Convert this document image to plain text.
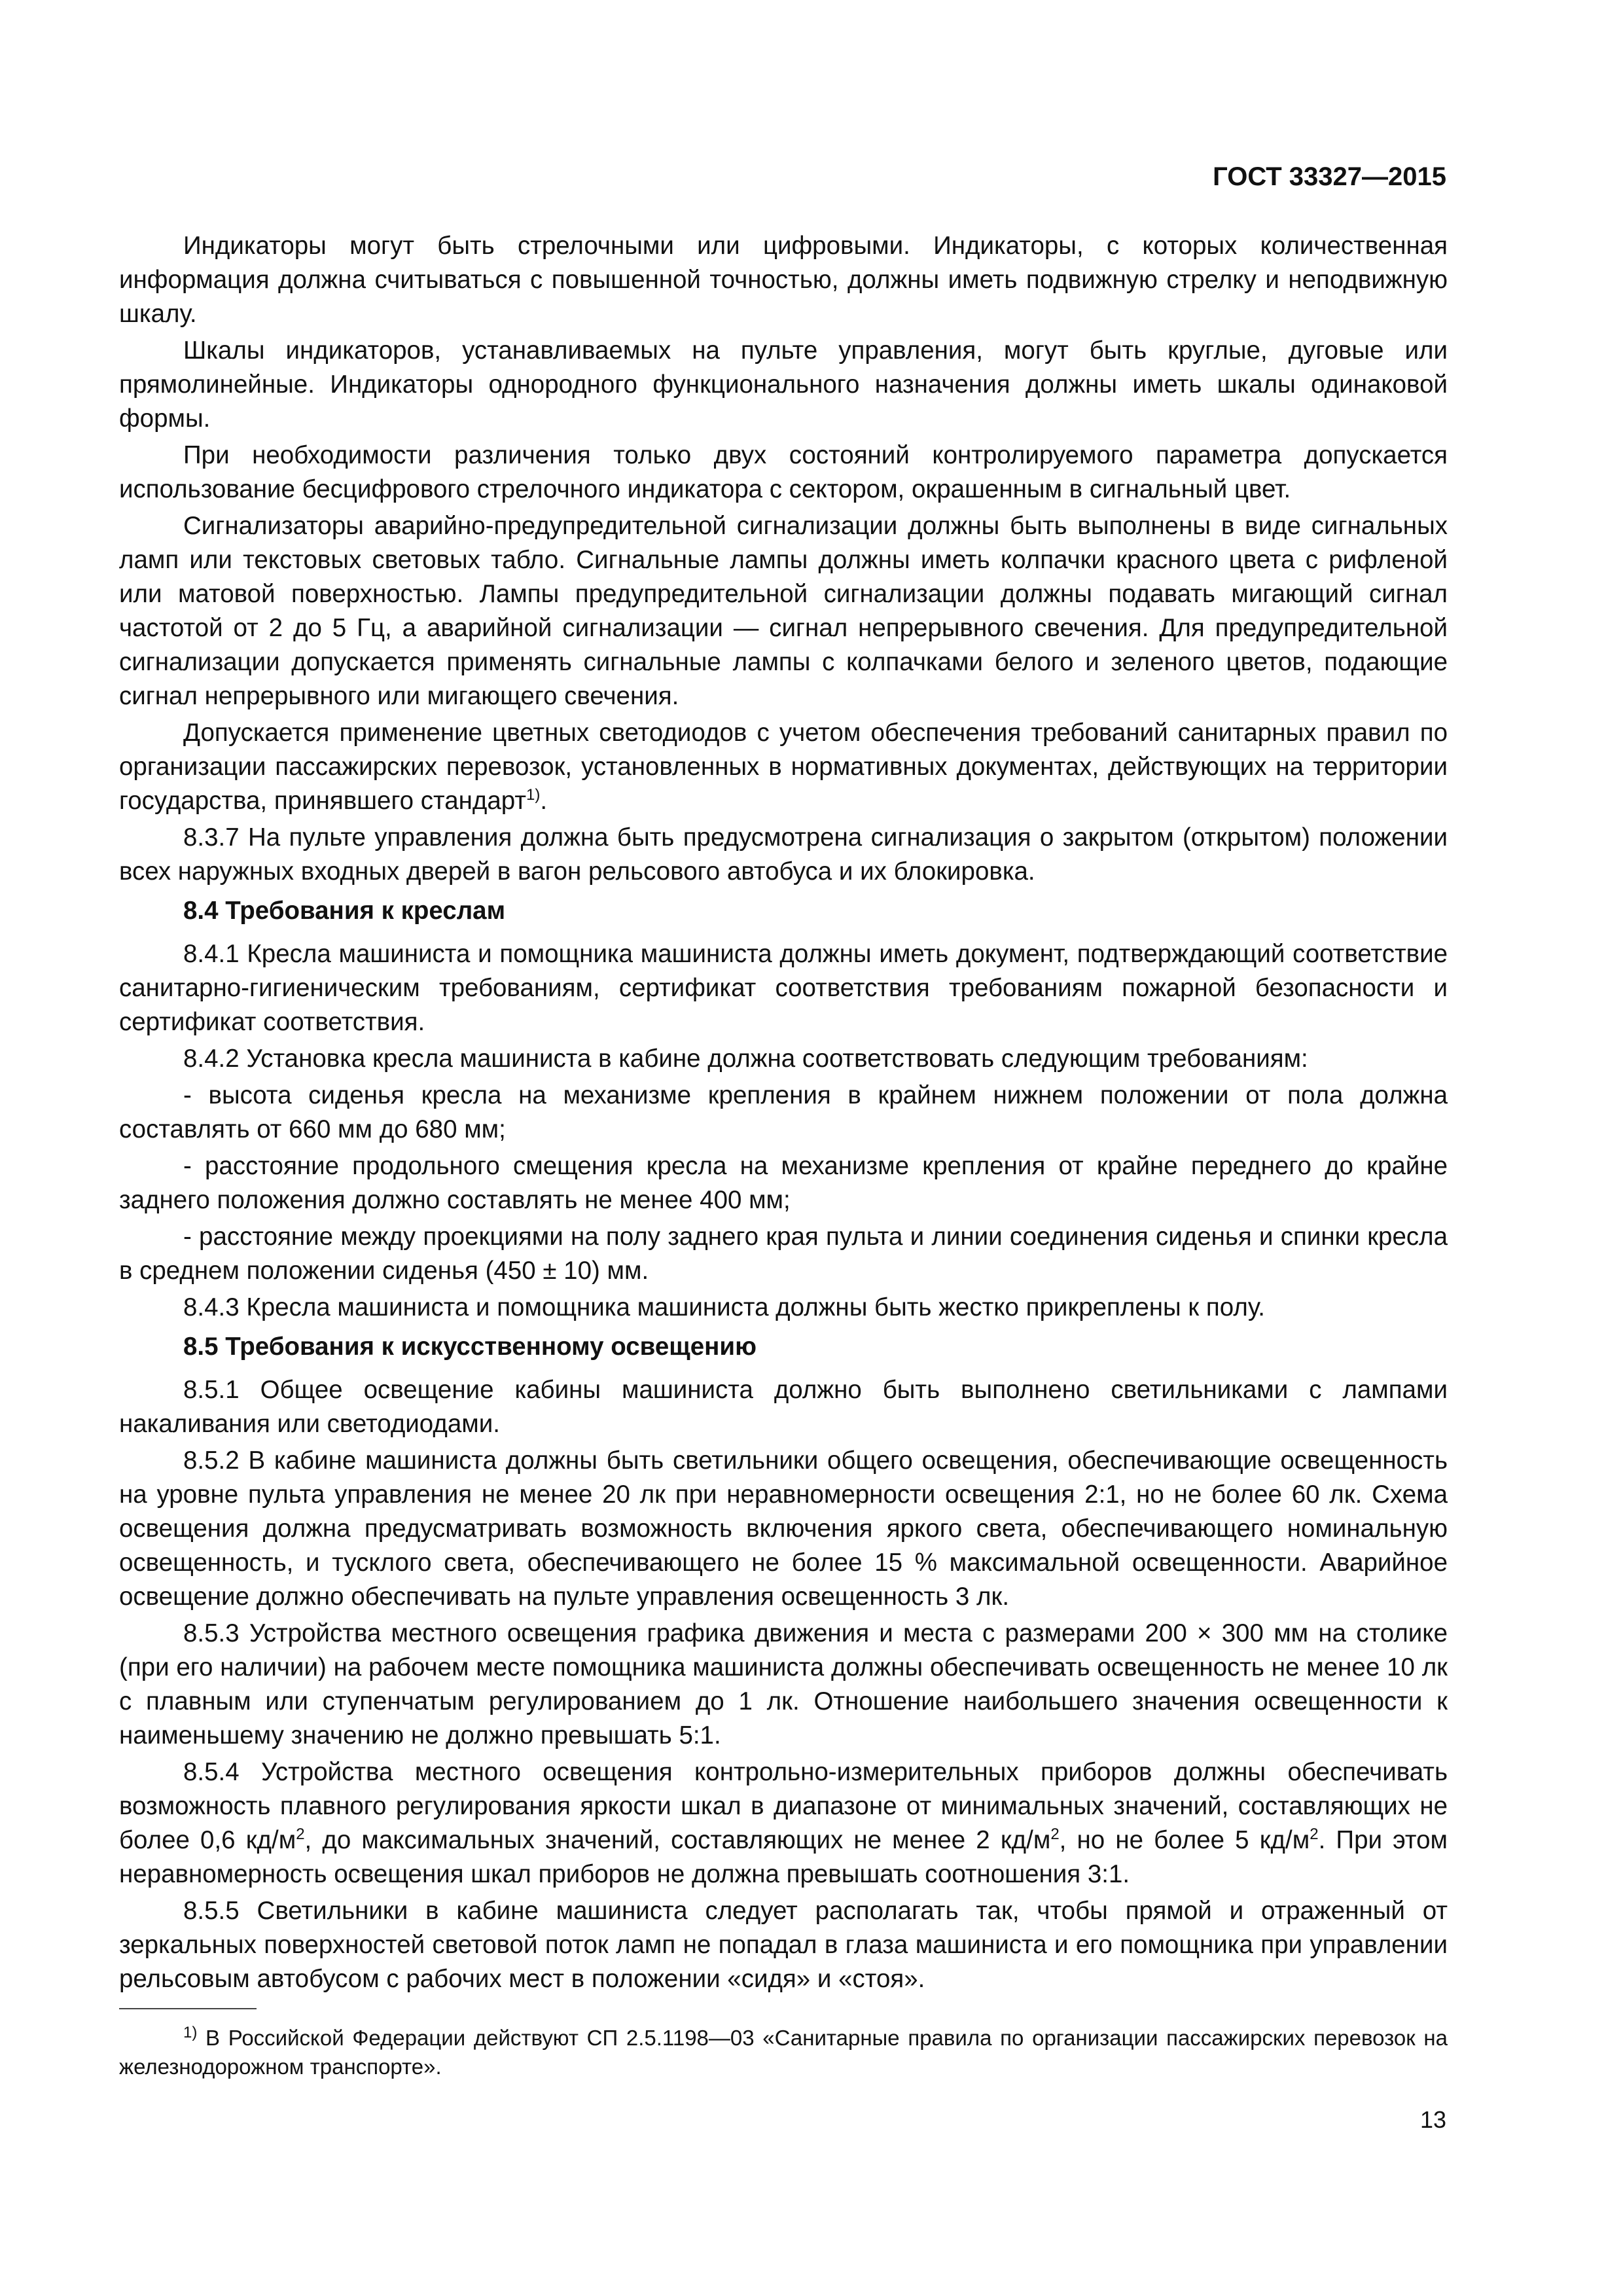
ГОСТ 33327—2015

Индикаторы могут быть стрелочными или цифровыми. Индикаторы, с которых количественная информация должна считываться с повышенной точностью, должны иметь подвижную стрелку и неподвижную шкалу.

Шкалы индикаторов, устанавливаемых на пульте управления, могут быть круглые, дуговые или прямолинейные. Индикаторы однородного функционального назначения должны иметь шкалы одинаковой формы.

При необходимости различения только двух состояний контролируемого параметра допускается использование бесцифрового стрелочного индикатора с сектором, окрашенным в сигнальный цвет.

Сигнализаторы аварийно-предупредительной сигнализации должны быть выполнены в виде сигнальных ламп или текстовых световых табло. Сигнальные лампы должны иметь колпачки красного цвета с рифленой или матовой поверхностью. Лампы предупредительной сигнализации должны подавать мигающий сигнал частотой от 2 до 5 Гц, а аварийной сигнализации — сигнал непрерывного свечения. Для предупредительной сигнализации допускается применять сигнальные лампы с колпачками белого и зеленого цветов, подающие сигнал непрерывного или мигающего свечения.

Допускается применение цветных светодиодов с учетом обеспечения требований санитарных правил по организации пассажирских перевозок, установленных в нормативных документах, действующих на территории государства, принявшего стандарт$^{1)}$.

8.3.7 На пульте управления должна быть предусмотрена сигнализация о закрытом (открытом) положении всех наружных входных дверей в вагон рельсового автобуса и их блокировка.

8.4 Требования к креслам

8.4.1 Кресла машиниста и помощника машиниста должны иметь документ, подтверждающий соответствие санитарно-гигиеническим требованиям, сертификат соответствия требованиям пожарной безопасности и сертификат соответствия.

8.4.2 Установка кресла машиниста в кабине должна соответствовать следующим требованиям:

- высота сиденья кресла на механизме крепления в крайнем нижнем положении от пола должна составлять от 660 мм до 680 мм;

- расстояние продольного смещения кресла на механизме крепления от крайне переднего до крайне заднего положения должно составлять не менее 400 мм;

- расстояние между проекциями на полу заднего края пульта и линии соединения сиденья и спинки кресла в среднем положении сиденья (450 ± 10) мм.

8.4.3 Кресла машиниста и помощника машиниста должны быть жестко прикреплены к полу.

8.5 Требования к искусственному освещению

8.5.1 Общее освещение кабины машиниста должно быть выполнено светильниками с лампами накаливания или светодиодами.

8.5.2 В кабине машиниста должны быть светильники общего освещения, обеспечивающие освещенность на уровне пульта управления не менее 20 лк при неравномерности освещения 2:1, но не более 60 лк. Схема освещения должна предусматривать возможность включения яркого света, обеспечивающего номинальную освещенность, и тусклого света, обеспечивающего не более 15 % максимальной освещенности. Аварийное освещение должно обеспечивать на пульте управления освещенность 3 лк.

8.5.3 Устройства местного освещения графика движения и места с размерами 200 × 300 мм на столике (при его наличии) на рабочем месте помощника машиниста должны обеспечивать освещенность не менее 10 лк с плавным или ступенчатым регулированием до 1 лк. Отношение наибольшего значения освещенности к наименьшему значению не должно превышать 5:1.

8.5.4 Устройства местного освещения контрольно-измерительных приборов должны обеспечивать возможность плавного регулирования яркости шкал в диапазоне от минимальных значений, составляющих не более 0,6 $кд/м^2$, до максимальных значений, составляющих не менее 2 $кд/м^2$, но не более 5 $кд/м^2$. При этом неравномерность освещения шкал приборов не должна превышать соотношения 3:1.

8.5.5 Светильники в кабине машиниста следует располагать так, чтобы прямой и отраженный от зеркальных поверхностей световой поток ламп не попадал в глаза машиниста и его помощника при управлении рельсовым автобусом с рабочих мест в положении «сидя» и «стоя».

$^{1)}$ В Российской Федерации действуют СП 2.5.1198—03 «Санитарные правила по организации пассажирских перевозок на железнодорожном транспорте».
13
